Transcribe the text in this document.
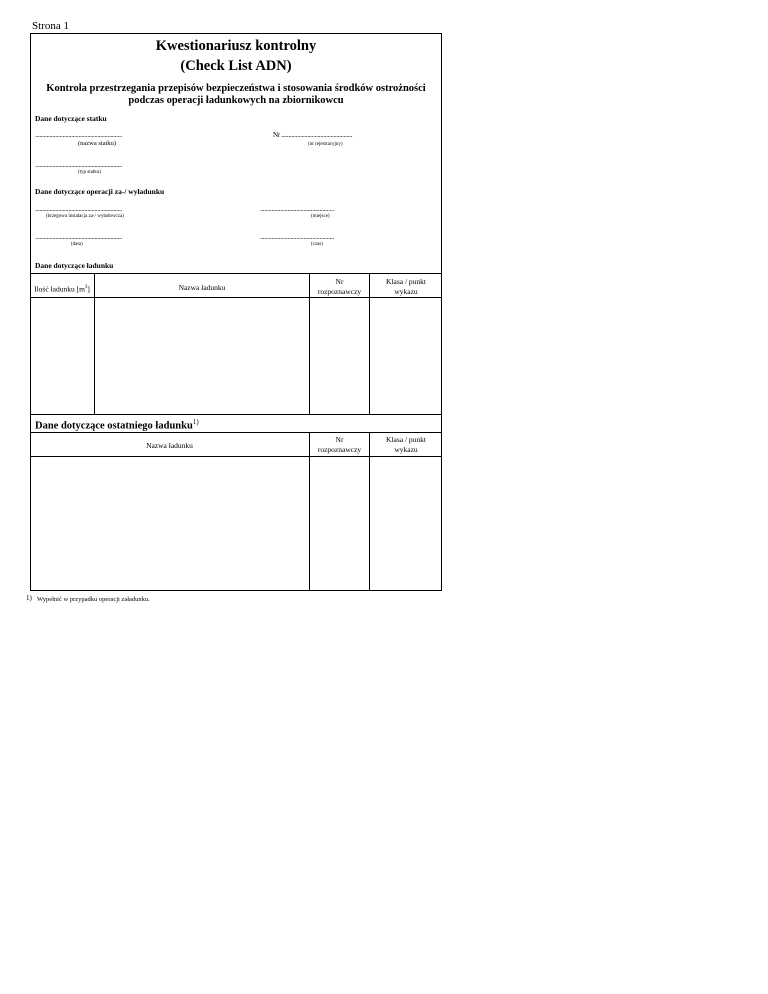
Strona 1
Kwestionariusz kontrolny
(Check List ADN)
Kontrola przestrzegania przepisów bezpieczeństwa i stosowania środków ostrożności
podczas operacji ładunkowych na zbiornikowcu
Dane dotyczące statku
............................................................
(nazwa statku)
Nr .................................................
(nr rejestracyjny)
............................................................
(typ statku)
Dane dotyczące operacji za-/ wyładunku
............................................................
(brzegowa instalacja za-/ wyładowcza)
...................................................
(miejsce)
............................................................
(data)
...................................................
(czas)
Dane dotyczące ładunku
Ilość ładunku $[m^3]$	Nazwa ładunku
Nr
rozpoznawczy
Klasa / punkt
wykazu
Dane dotyczące ostatniego ładunku$^{1)}$
Nazwa ładunku
Nr
rozpoznawczy
Klasa / punkt
wykazu
1) Wypełnić w przypadku operacji załadunku.
